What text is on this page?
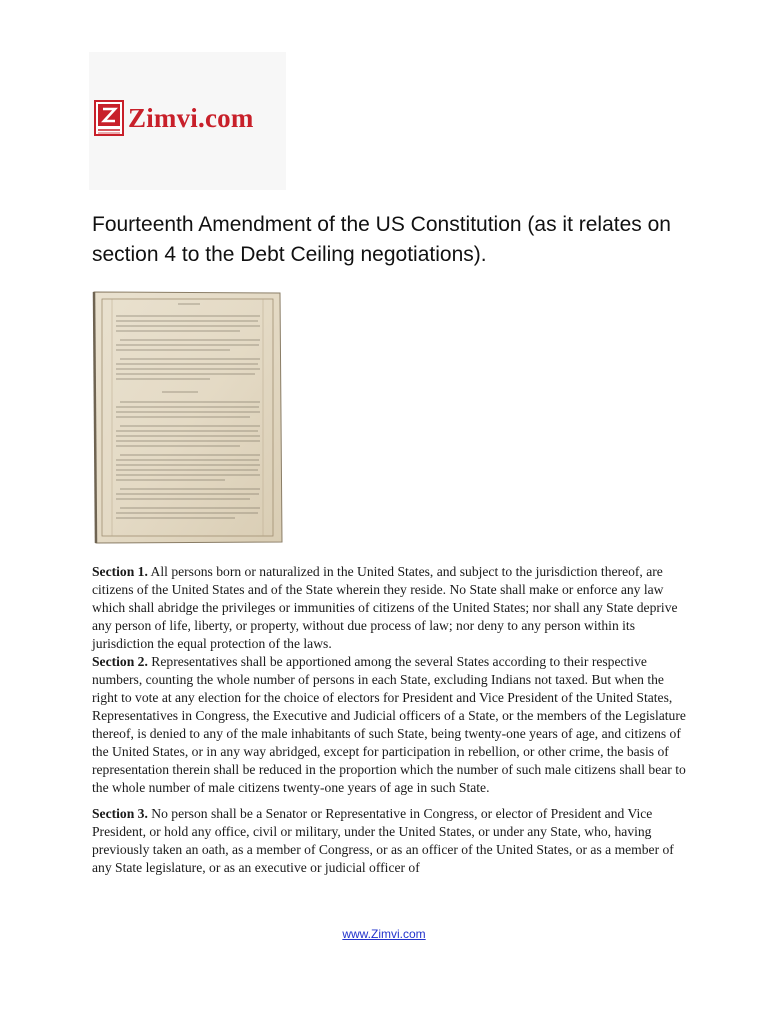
Zimvi.com
Fourteenth Amendment of the US Constitution (as it relates on section 4 to the Debt Ceiling negotiations).

Section 1. All persons born or naturalized in the United States, and subject to the jurisdiction thereof, are citizens of the United States and of the State wherein they reside. No State shall make or enforce any law which shall abridge the privileges or immunities of citizens of the United States; nor shall any State deprive any person of life, liberty, or property, without due process of law; nor deny to any person within its jurisdiction the equal protection of the laws.

Section 2. Representatives shall be apportioned among the several States according to their respective numbers, counting the whole number of persons in each State, excluding Indians not taxed. But when the right to vote at any election for the choice of electors for President and Vice President of the United States, Representatives in Congress, the Executive and Judicial officers of a State, or the members of the Legislature thereof, is denied to any of the male inhabitants of such State, being twenty-one years of age, and citizens of the United States, or in any way abridged, except for participation in rebellion, or other crime, the basis of representation therein shall be reduced in the proportion which the number of such male citizens shall bear to the whole number of male citizens twenty-one years of age in such State.

Section 3. No person shall be a Senator or Representative in Congress, or elector of President and Vice President, or hold any office, civil or military, under the United States, or under any State, who, having previously taken an oath, as a member of Congress, or as an officer of the United States, or as a member of any State legislature, or as an executive or judicial officer of

www.Zimvi.com
